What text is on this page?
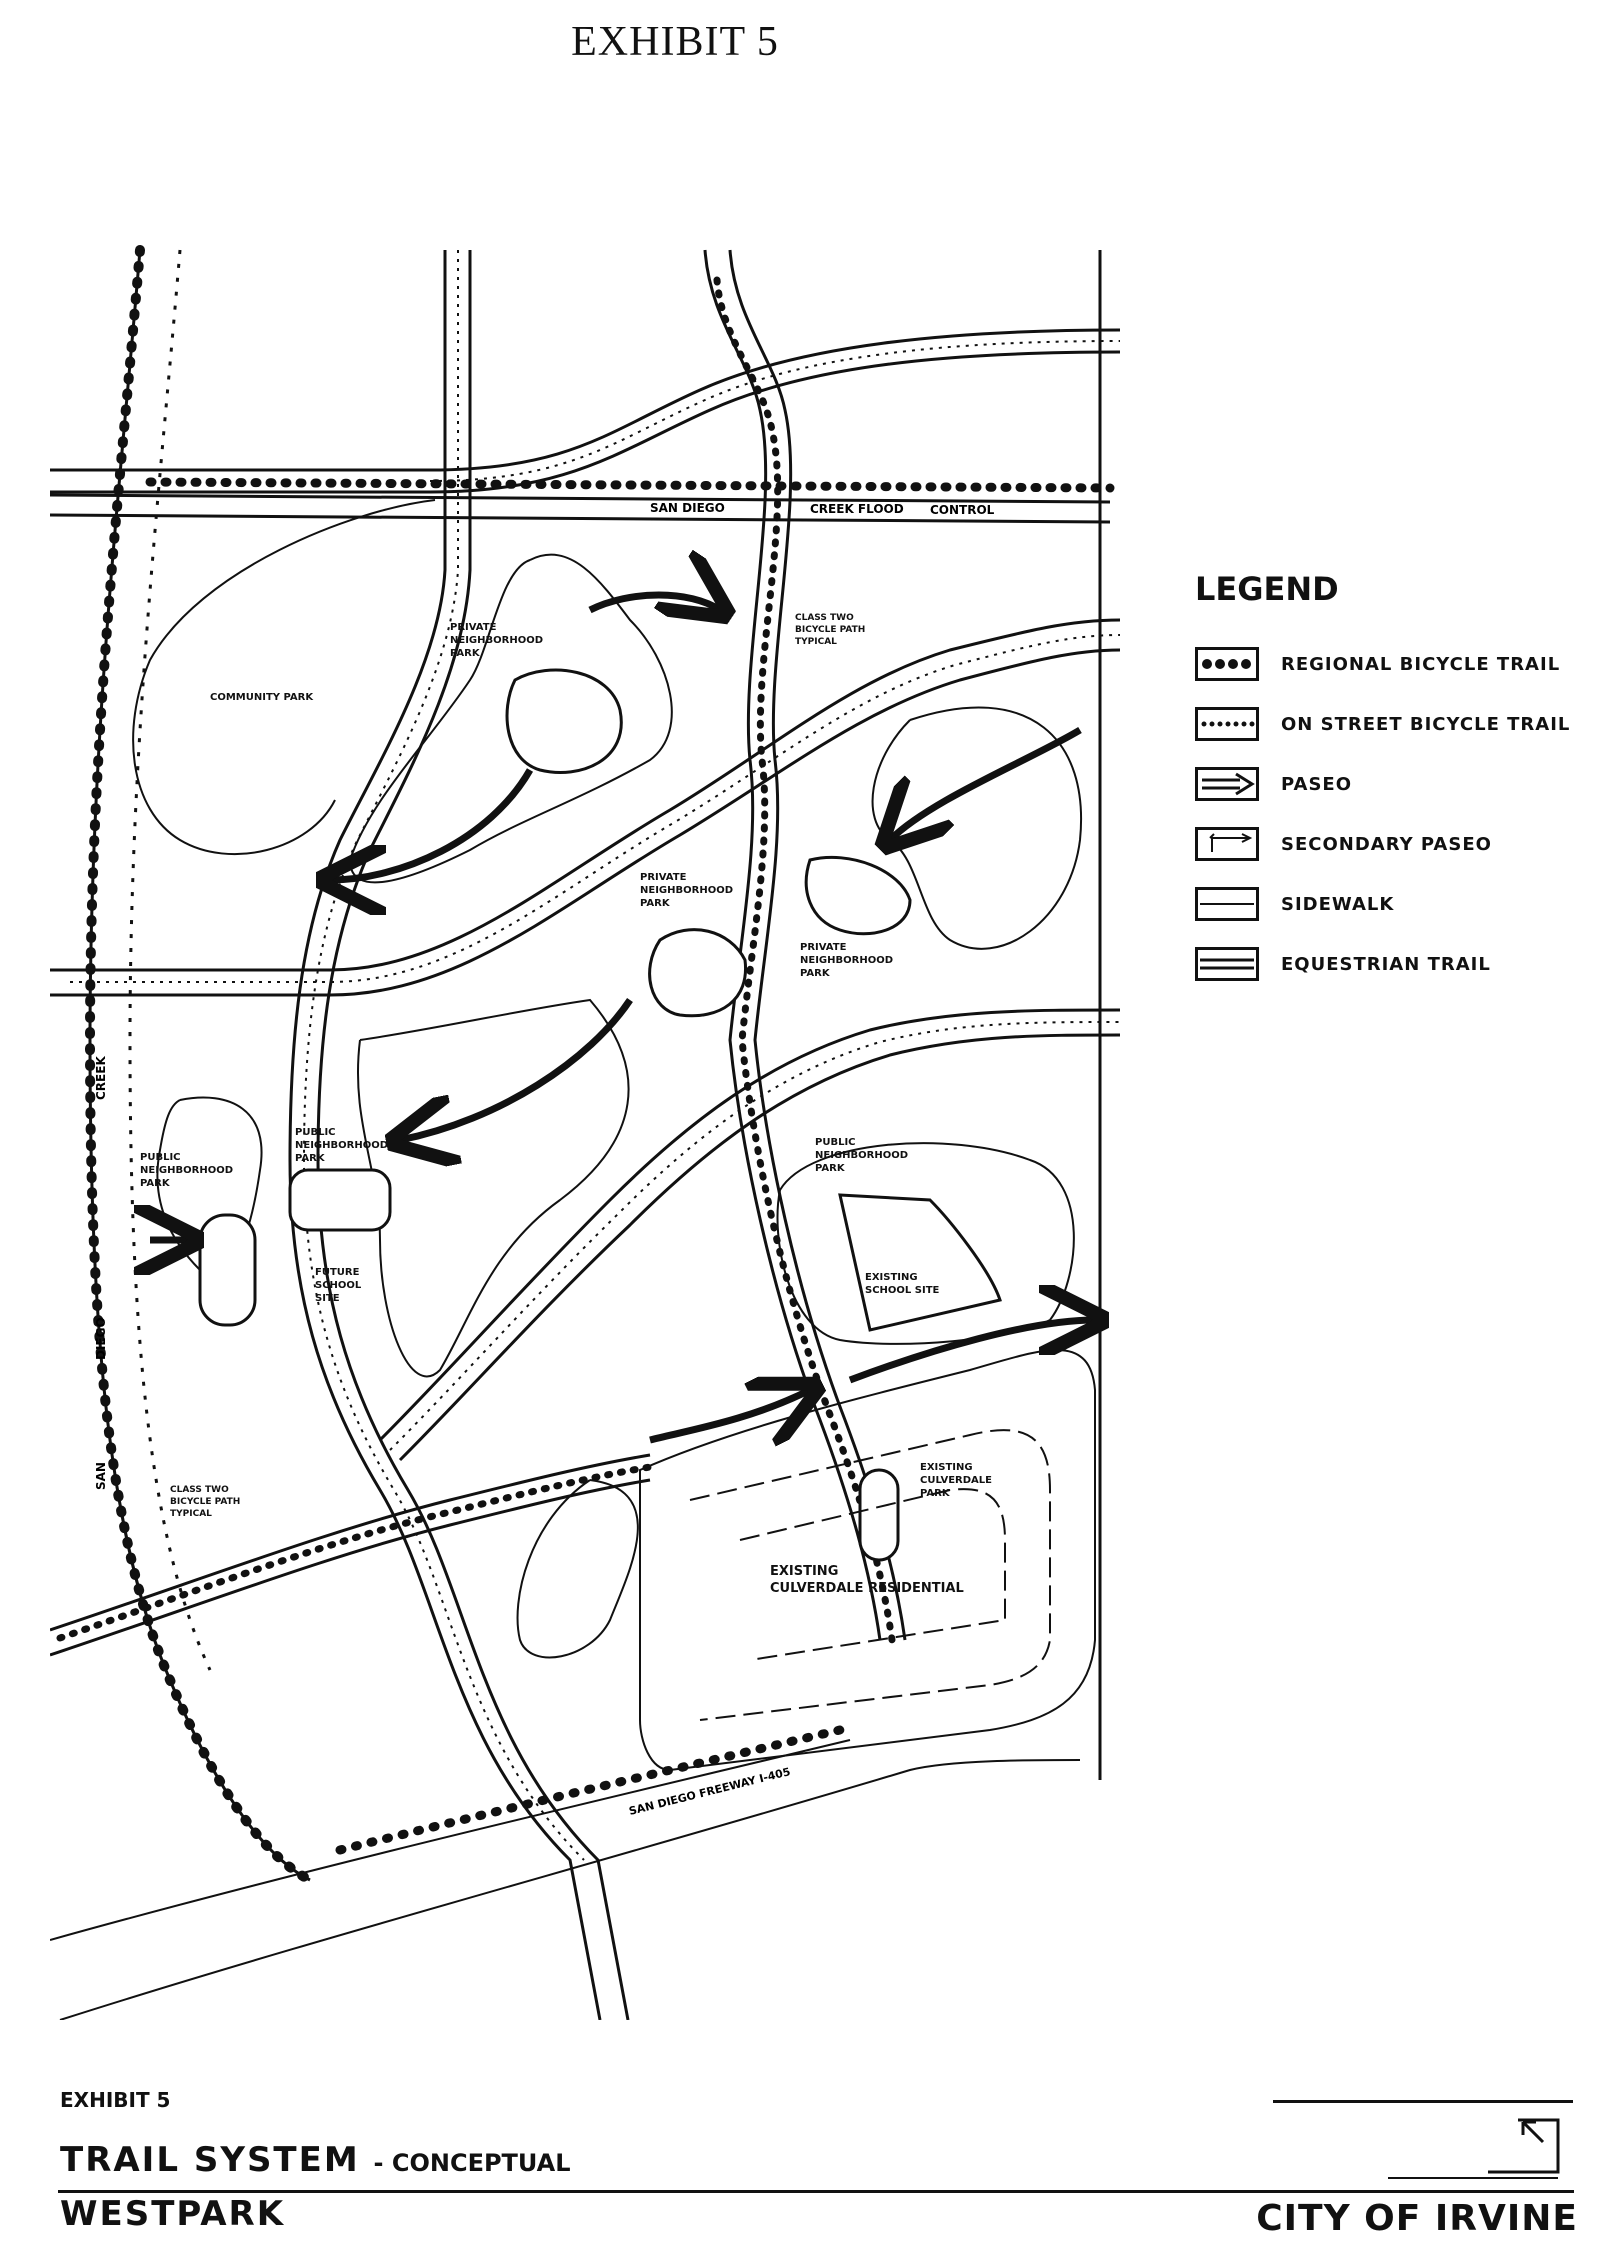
EXHIBIT 5
SAN DIEGO	CREEK FLOOD CONTROL
SAN DIEGO FREEWAY I-405
SAN
DIEGO
CREEK
COMMUNITY PARK
PRIVATE
NEIGHBORHOOD
PARK
PRIVATE
NEIGHBORHOOD
PARK
PRIVATE
NEIGHBORHOOD
PARK
PUBLIC
NEIGHBORHOOD
PARK
PUBLIC
NEIGHBORHOOD
PARK
PUBLIC
NEIGHBORHOOD
PARK
FUTURE
SCHOOL
SITE
EXISTING
SCHOOL SITE
EXISTING
CULVERDALE
PARK
EXISTING
CULVERDALE RESIDENTIAL
CLASS TWO
BICYCLE PATH
TYPICAL
CLASS TWO
BICYCLE PATH
TYPICAL
LEGEND
REGIONAL BICYCLE TRAIL
ON STREET BICYCLE TRAIL
PASEO
SECONDARY PASEO
SIDEWALK
EQUESTRIAN TRAIL
EXHIBIT 5
TRAIL SYSTEM - CONCEPTUAL
WESTPARK	CITY OF IRVINE
